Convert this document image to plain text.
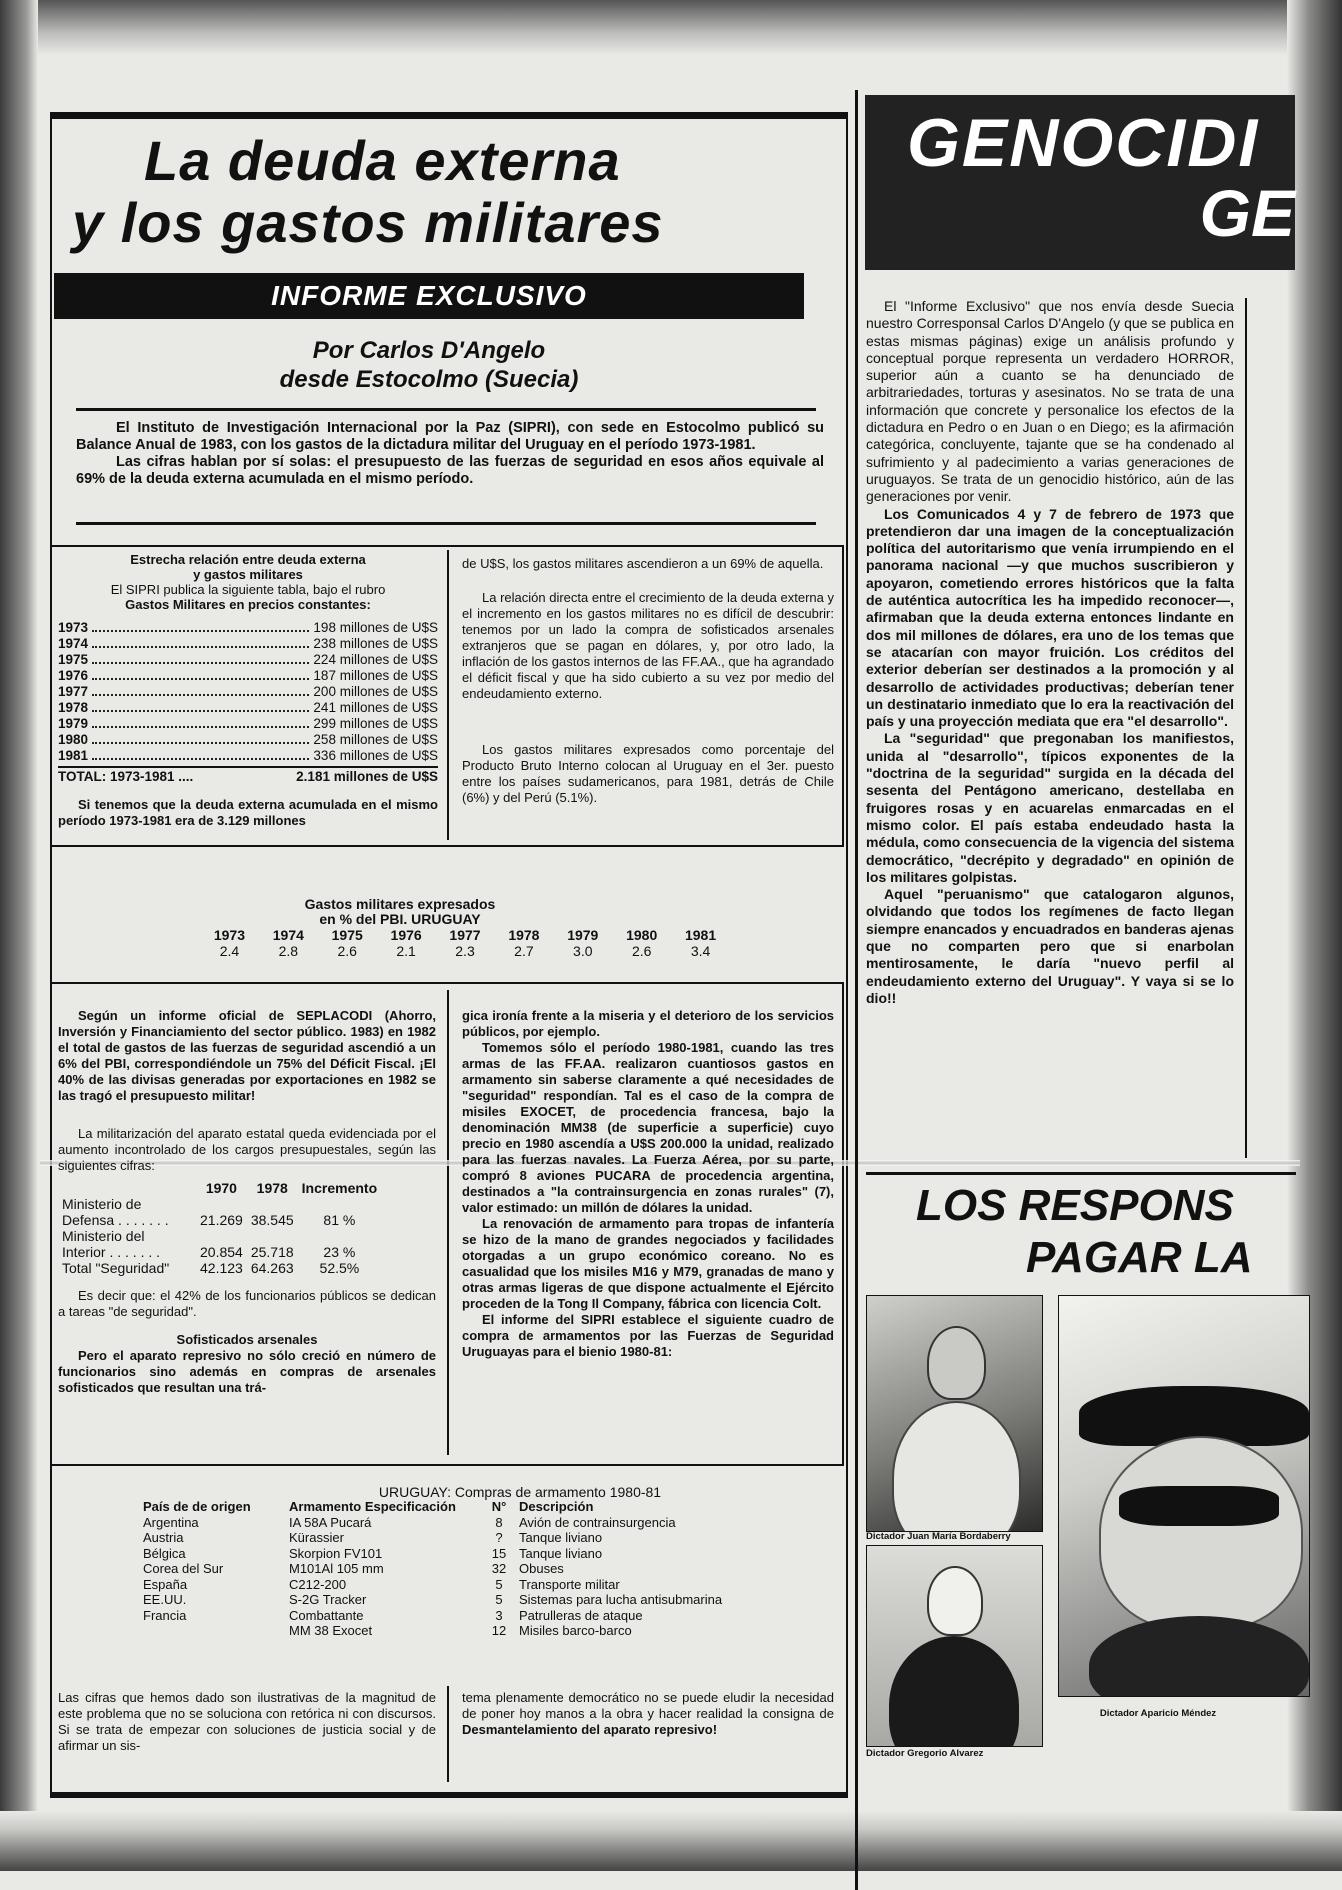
La deuda externa
y los gastos militares
INFORME EXCLUSIVO
Por Carlos D'Angelo
desde Estocolmo (Suecia)

El Instituto de Investigación Internacional por la Paz (SIPRI), con sede en Estocolmo publicó su Balance Anual de 1983, con los gastos de la dictadura militar del Uruguay en el período 1973-1981.

Las cifras hablan por sí solas: el presupuesto de las fuerzas de seguridad en esos años equivale al 69% de la deuda externa acumulada en el mismo período.

Estrecha relación entre deuda externa
y gastos militares
El SIPRI publica la siguiente tabla, bajo el rubro
Gastos Militares en precios constantes:
1973	198 millones de U$S
1974	238 millones de U$S
1975	224 millones de U$S
1976	187 millones de U$S
1977	200 millones de U$S
1978	241 millones de U$S
1979	299 millones de U$S
1980	258 millones de U$S
1981	336 millones de U$S
TOTAL: 1973-1981 ....	2.181 millones de U$S
Si tenemos que la deuda externa acumulada en el mismo período 1973-1981 era de 3.129 millones

de U$S, los gastos militares ascendieron a un 69% de aquella.

La relación directa entre el crecimiento de la deuda externa y el incremento en los gastos militares no es difícil de descubrir: tenemos por un lado la compra de sofisticados arsenales extranjeros que se pagan en dólares, y, por otro lado, la inflación de los gastos internos de las FF.AA., que ha agrandado el déficit fiscal y que ha sido cubierto a su vez por medio del endeudamiento externo.

Los gastos militares expresados como porcentaje del Producto Bruto Interno colocan al Uruguay en el 3er. puesto entre los países sudamericanos, para 1981, detrás de Chile (6%) y del Perú (5.1%).

Gastos militares expresados
en % del PBI. URUGUAY
1973	1974	1975	1976	1977	1978	1979	1980	1981
2.4	2.8	2.6	2.1	2.3	2.7	3.0	2.6	3.4

Según un informe oficial de SEPLACODI (Ahorro, Inversión y Financiamiento del sector público. 1983) en 1982 el total de gastos de las fuerzas de seguridad ascendió a un 6% del PBI, correspondiéndole un 75% del Déficit Fiscal. ¡El 40% de las divisas generadas por exportaciones en 1982 se las tragó el presupuesto militar!

La militarización del aparato estatal queda evidenciada por el aumento incontrolado de los cargos presupuestales, según las siguientes cifras:

	1970	1978	Incremento
Ministerio de			
Defensa . . . . . . .	21.269	38.545	81 %
Ministerio del			
Interior . . . . . . .	20.854	25.718	23 %
Total "Seguridad"	42.123	64.263	52.5%

Es decir que: el 42% de los funcionarios públicos se dedican a tareas "de seguridad".

Sofisticados arsenales

Pero el aparato represivo no sólo creció en número de funcionarios sino además en compras de arsenales sofisticados que resultan una trá-

gica ironía frente a la miseria y el deterioro de los servicios públicos, por ejemplo.

Tomemos sólo el período 1980-1981, cuando las tres armas de las FF.AA. realizaron cuantiosos gastos en armamento sin saberse claramente a qué necesidades de "seguridad" respondían. Tal es el caso de la compra de misiles EXOCET, de procedencia francesa, bajo la denominación MM38 (de superficie a superficie) cuyo precio en 1980 ascendía a U$S 200.000 la unidad, realizado para las fuerzas navales. La Fuerza Aérea, por su parte, compró 8 aviones PUCARA de procedencia argentina, destinados a "la contrainsurgencia en zonas rurales" (7), valor estimado: un millón de dólares la unidad.

La renovación de armamento para tropas de infantería se hizo de la mano de grandes negociados y facilidades otorgadas a un grupo económico coreano. No es casualidad que los misiles M16 y M79, granadas de mano y otras armas ligeras de que dispone actualmente el Ejército proceden de la Tong Il Company, fábrica con licencia Colt.

El informe del SIPRI establece el siguiente cuadro de compra de armamentos por las Fuerzas de Seguridad Uruguayas para el bienio 1980-81:

URUGUAY: Compras de armamento 1980-81
País de de origen	Armamento Especificación	N°	Descripción
Argentina	IA 58A Pucará	8	Avión de contrainsurgencia
Austria	Kürassier	?	Tanque liviano
Bélgica	Skorpion FV101	15	Tanque liviano
Corea del Sur	M101Al 105 mm	32	Obuses
España	C212-200	5	Transporte militar
EE.UU.	S-2G Tracker	5	Sistemas para lucha antisubmarina
Francia	Combattante	3	Patrulleras de ataque
	MM 38 Exocet	12	Misiles barco-barco
Las cifras que hemos dado son ilustrativas de la magnitud de este problema que no se soluciona con retórica ni con discursos. Si se trata de empezar con soluciones de justicia social y de afirmar un sis-
tema plenamente democrático no se puede eludir la necesidad de poner hoy manos a la obra y hacer realidad la consigna de Desmantelamiento del aparato represivo!
GENOCIDI
GE

El "Informe Exclusivo" que nos envía desde Suecia nuestro Corresponsal Carlos D'Angelo (y que se publica en estas mismas páginas) exige un análisis profundo y conceptual porque representa un verdadero HORROR, superior aún a cuanto se ha denunciado de arbitrariedades, torturas y asesinatos. No se trata de una información que concrete y personalice los efectos de la dictadura en Pedro o en Juan o en Diego; es la afirmación categórica, concluyente, tajante que se ha condenado al sufrimiento y al padecimiento a varias generaciones de uruguayos. Se trata de un genocidio histórico, aún de las generaciones por venir.

Los Comunicados 4 y 7 de febrero de 1973 que pretendieron dar una imagen de la conceptualización política del autoritarismo que venía irrumpiendo en el panorama nacional —y que muchos suscribieron y apoyaron, cometiendo errores históricos que la falta de auténtica autocrítica les ha impedido reconocer—, afirmaban que la deuda externa entonces lindante en dos mil millones de dólares, era uno de los temas que se atacarían con mayor fruición. Los créditos del exterior deberían ser destinados a la promoción y al desarrollo de actividades productivas; deberían tener un destinatario inmediato que lo era la reactivación del país y una proyección mediata que era "el desarrollo".

La "seguridad" que pregonaban los manifiestos, unida al "desarrollo", típicos exponentes de la "doctrina de la seguridad" surgida en la década del sesenta del Pentágono americano, destellaba en fruigores rosas y en acuarelas enmarcadas en el mismo color. El país estaba endeudado hasta la médula, como consecuencia de la vigencia del sistema democrático, "decrépito y degradado" en opinión de los militares golpistas.

Aquel "peruanismo" que catalogaron algunos, olvidando que todos los regímenes de facto llegan siempre enancados y encuadrados en banderas ajenas que no comparten pero que si enarbolan mentirosamente, le daría "nuevo perfil al endeudamiento externo del Uruguay". Y vaya si se lo dio!!

LOS RESPONS
PAGAR LA
Dictador Juan María Bordaberry
Dictador Gregorio Alvarez
Dictador Aparicio Méndez
